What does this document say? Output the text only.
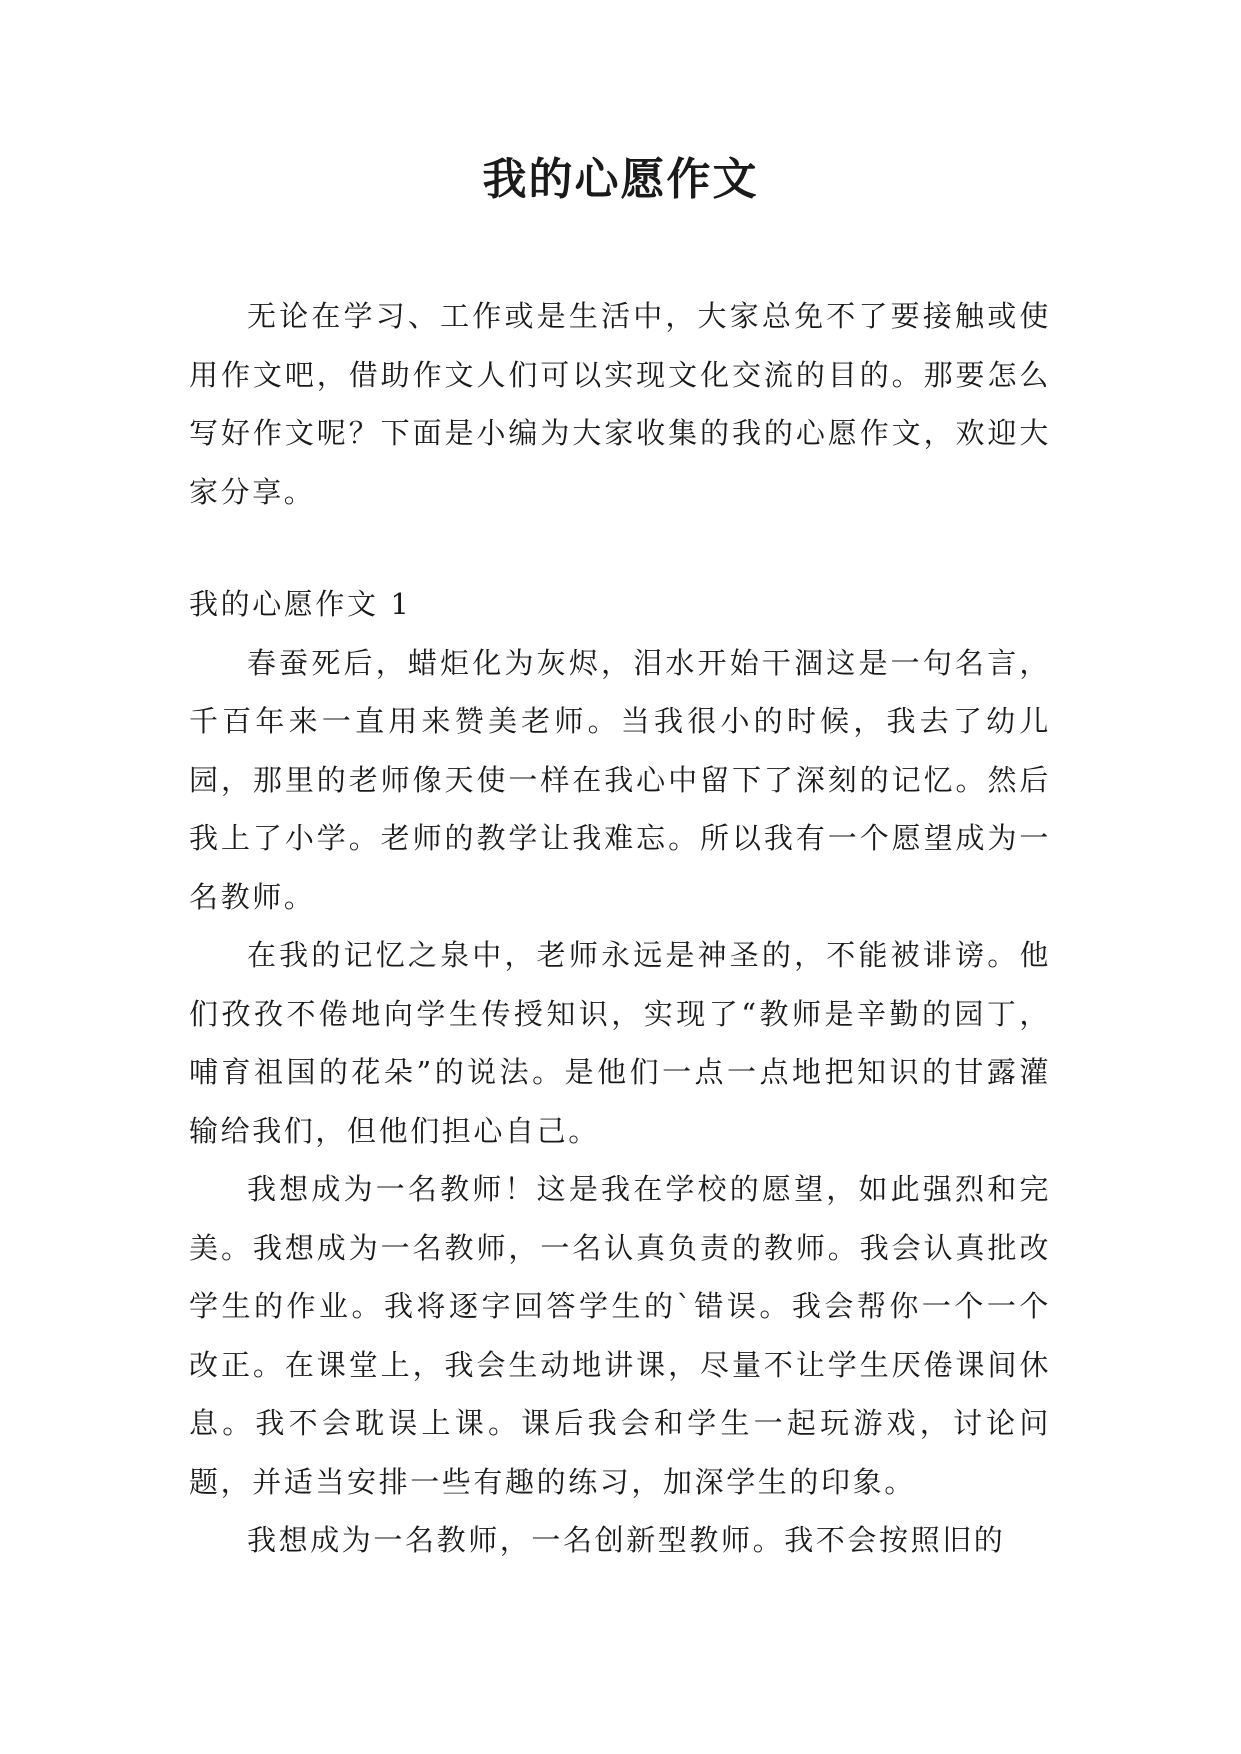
我的心愿作文

无论在学习、工作或是生活中，大家总免不了要接触或使用作文吧，借助作文人们可以实现文化交流的目的。那要怎么写好作文呢？下面是小编为大家收集的我的心愿作文，欢迎大家分享。

我的心愿作文 1

春蚕死后，蜡炬化为灰烬，泪水开始干涸这是一句名言，千百年来一直用来赞美老师。当我很小的时候，我去了幼儿园，那里的老师像天使一样在我心中留下了深刻的记忆。然后我上了小学。老师的教学让我难忘。所以我有一个愿望成为一名教师。

在我的记忆之泉中，老师永远是神圣的，不能被诽谤。他们孜孜不倦地向学生传授知识，实现了“教师是辛勤的园丁，哺育祖国的花朵”的说法。是他们一点一点地把知识的甘露灌输给我们，但他们担心自己。

我想成为一名教师！这是我在学校的愿望，如此强烈和完美。我想成为一名教师，一名认真负责的教师。我会认真批改学生的作业。我将逐字回答学生的`错误。我会帮你一个一个改正。在课堂上，我会生动地讲课，尽量不让学生厌倦课间休息。我不会耽误上课。课后我会和学生一起玩游戏，讨论问题，并适当安排一些有趣的练习，加深学生的印象。

我想成为一名教师，一名创新型教师。我不会按照旧的
